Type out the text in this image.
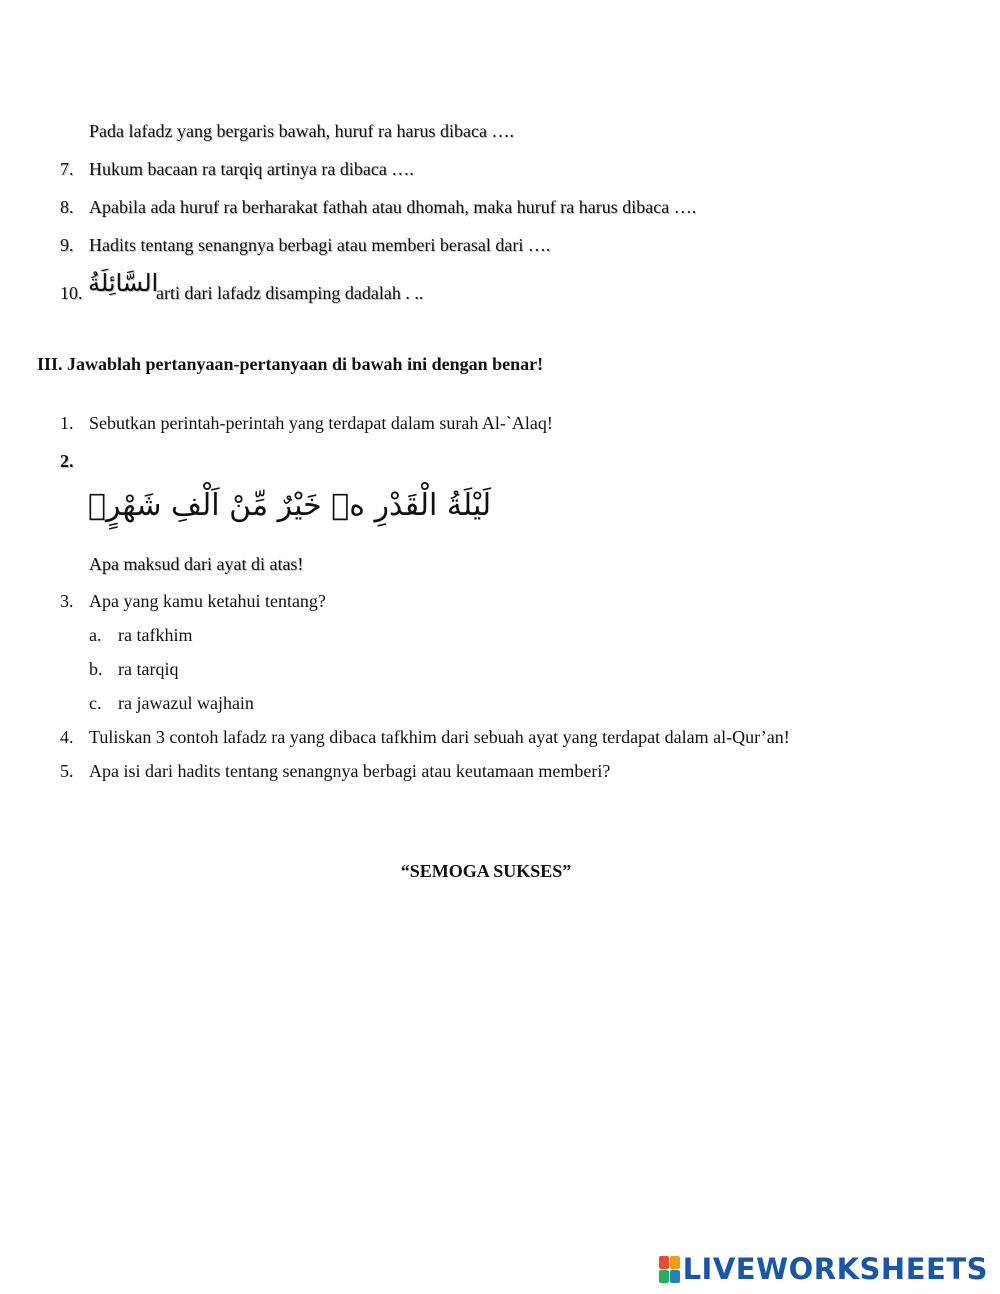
Pada lafadz yang bergaris bawah, huruf ra harus dibaca ….
7. Hukum bacaan ra tarqiq artinya ra dibaca ….
8. Apabila ada huruf ra berharakat fathah atau dhomah, maka huruf ra harus dibaca ….
9. Hadits tentang senangnya berbagi atau memberi berasal dari ….
10. السَّائِلَةُ
arti dari lafadz disamping dadalah . ..
III. Jawablah pertanyaan-pertanyaan di bawah ini dengan benar!
1. Sebutkan perintah-perintah yang terdapat dalam surah Al-`Alaq!
2.
لَيْلَةُ الْقَدْرِ ەۙ خَيْرٌ مِّنْ اَلْفِ شَهْرٍۗ
Apa maksud dari ayat di atas!
3. Apa yang kamu ketahui tentang?
a. ra tafkhim
b. ra tarqiq
c. ra jawazul wajhain
4. Tuliskan 3 contoh lafadz ra yang dibaca tafkhim dari sebuah ayat yang terdapat dalam al-Qur’an!
5. Apa isi dari hadits tentang senangnya berbagi atau keutamaan memberi?
“SEMOGA SUKSES”
LIVEWORKSHEETS
